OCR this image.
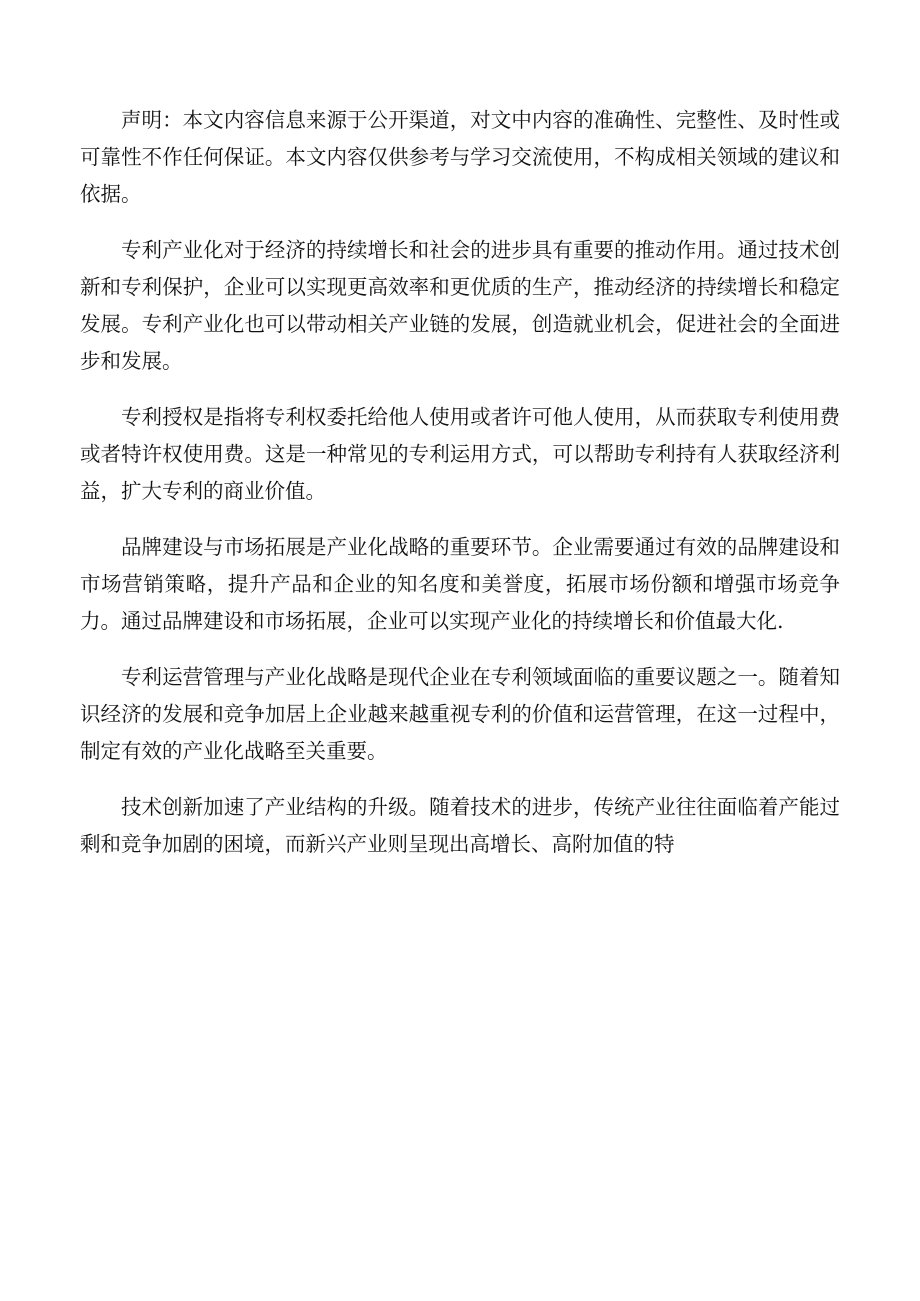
声明：本文内容信息来源于公开渠道，对文中内容的准确性、完整性、及时性或可靠性不作任何保证。本文内容仅供参考与学习交流使用，不构成相关领域的建议和依据。

专利产业化对于经济的持续增长和社会的进步具有重要的推动作用。通过技术创新和专利保护，企业可以实现更高效率和更优质的生产，推动经济的持续增长和稳定发展。专利产业化也可以带动相关产业链的发展，创造就业机会，促进社会的全面进步和发展。

专利授权是指将专利权委托给他人使用或者许可他人使用，从而获取专利使用费或者特许权使用费。这是一种常见的专利运用方式，可以帮助专利持有人获取经济利益，扩大专利的商业价值。

品牌建设与市场拓展是产业化战略的重要环节。企业需要通过有效的品牌建设和市场营销策略，提升产品和企业的知名度和美誉度，拓展市场份额和增强市场竞争力。通过品牌建设和市场拓展，企业可以实现产业化的持续增长和价值最大化.

专利运营管理与产业化战略是现代企业在专利领域面临的重要议题之一。随着知识经济的发展和竞争加居上企业越来越重视专利的价值和运营管理，在这一过程中，制定有效的产业化战略至关重要。

技术创新加速了产业结构的升级。随着技术的进步，传统产业往往面临着产能过剩和竞争加剧的困境，而新兴产业则呈现出高增长、高附加值的特
